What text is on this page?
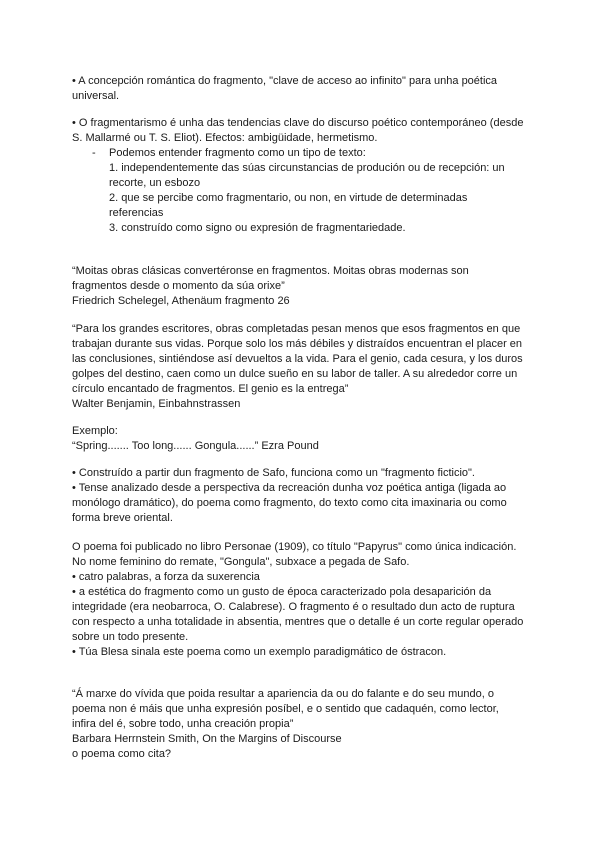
• A concepción romántica do fragmento, "clave de acceso ao infinito" para unha poética
universal.
• O fragmentarismo é unha das tendencias clave do discurso poético contemporáneo (desde
S. Mallarmé ou T. S. Eliot). Efectos: ambigüidade, hermetismo.
- Podemos entender fragmento como un tipo de texto:
1. independentemente das súas circunstancias de produción ou de recepción: un
recorte, un esbozo
2. que se percibe como fragmentario, ou non, en virtude de determinadas
referencias
3. construído como signo ou expresión de fragmentariedade.
“Moitas obras clásicas convertéronse en fragmentos. Moitas obras modernas son
fragmentos desde o momento da súa orixe”
Friedrich Schelegel, Athenäum fragmento 26
“Para los grandes escritores, obras completadas pesan menos que esos fragmentos en que
trabajan durante sus vidas. Porque solo los más débiles y distraídos encuentran el placer en
las conclusiones, sintiéndose así devueltos a la vida. Para el genio, cada cesura, y los duros
golpes del destino, caen como un dulce sueño en su labor de taller. A su alrededor corre un
círculo encantado de fragmentos. El genio es la entrega”
Walter Benjamin, Einbahnstrassen
Exemplo:
“Spring....... Too long...... Gongula......” Ezra Pound
• Construído a partir dun fragmento de Safo, funciona como un "fragmento ficticio".
• Tense analizado desde a perspectiva da recreación dunha voz poética antiga (ligada ao
monólogo dramático), do poema como fragmento, do texto como cita imaxinaria ou como
forma breve oriental.
O poema foi publicado no libro Personae (1909), co título "Papyrus" como única indicación.
No nome feminino do remate, "Gongula", subxace a pegada de Safo.
• catro palabras, a forza da suxerencia
• a estética do fragmento como un gusto de época caracterizado pola desaparición da
integridade (era neobarroca, O. Calabrese). O fragmento é o resultado dun acto de ruptura
con respecto a unha totalidade in absentia, mentres que o detalle é un corte regular operado
sobre un todo presente.
• Túa Blesa sinala este poema como un exemplo paradigmático de óstracon.
“Á marxe do vívida que poida resultar a apariencia da ou do falante e do seu mundo, o
poema non é máis que unha expresión posíbel, e o sentido que cadaquén, como lector,
infira del é, sobre todo, unha creación propia”
Barbara Herrnstein Smith, On the Margins of Discourse
o poema como cita?
